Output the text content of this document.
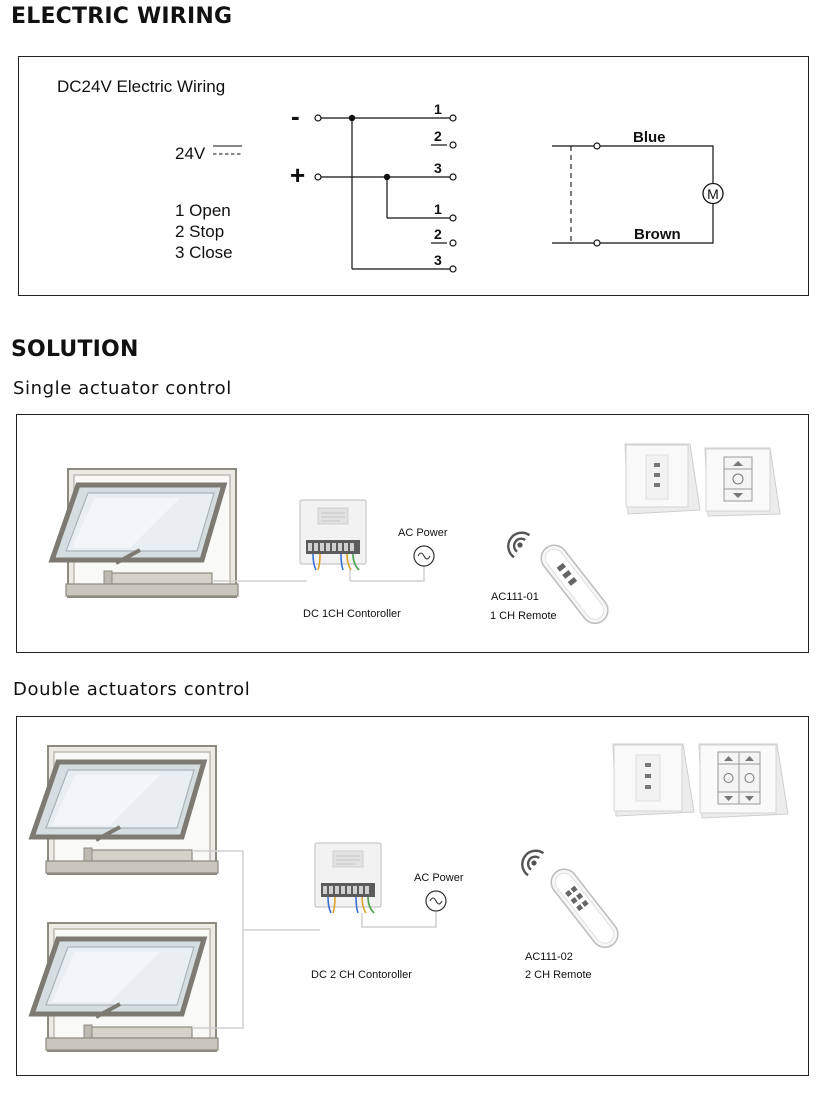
ELECTRIC WIRING
SOLUTION
Single actuator control
Double actuators control
DC24V Electric Wiring
24V
1 Open
2 Stop
3 Close
-
+
1
2
3
1
2
3
M
Blue
Brown
AC Power
DC 1CH Contoroller
AC111-01
1 CH Remote
AC Power
DC 2 CH Contoroller
AC111-02
2 CH Remote
